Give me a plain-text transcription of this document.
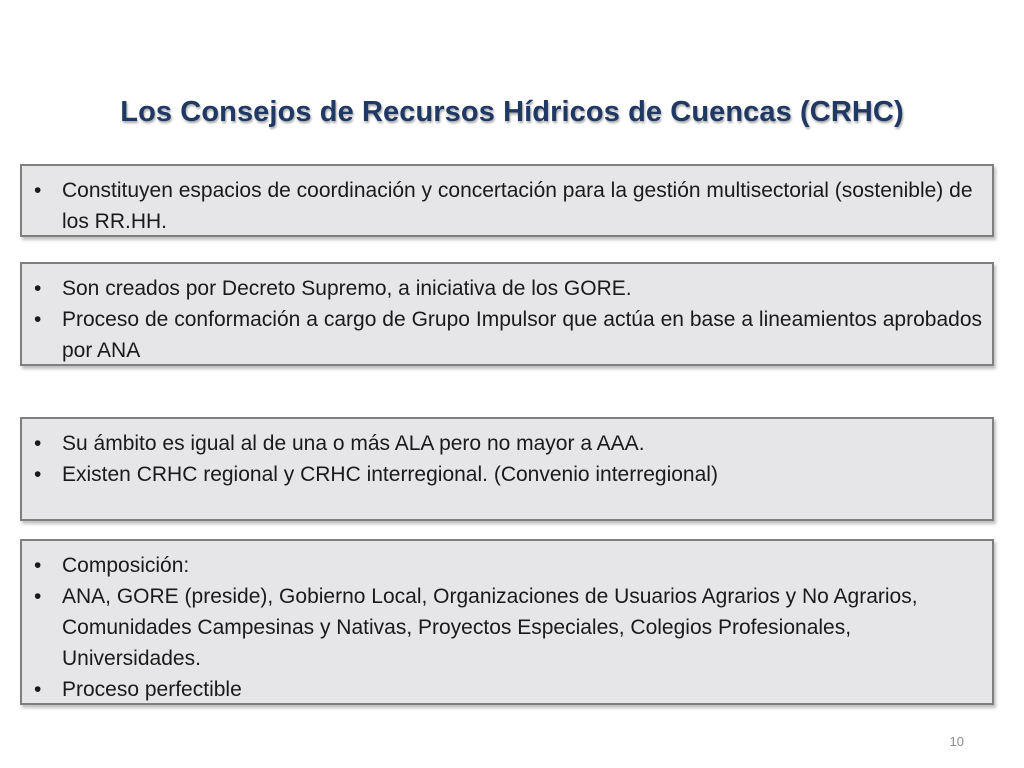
Los Consejos de Recursos Hídricos de Cuencas (CRHC)
• Constituyen espacios de coordinación y concertación para la gestión multisectorial (sostenible) de los RR.HH.
• Son creados por Decreto Supremo, a iniciativa de los GORE.
• Proceso de conformación a cargo de Grupo Impulsor que actúa en base a lineamientos aprobados por ANA
• Su ámbito es igual al de una o más ALA pero no mayor a AAA.
• Existen CRHC regional y CRHC interregional. (Convenio interregional)
• Composición:
• ANA, GORE (preside), Gobierno Local, Organizaciones de Usuarios Agrarios y No Agrarios, Comunidades Campesinas y Nativas, Proyectos Especiales, Colegios Profesionales, Universidades.
• Proceso perfectible
10
